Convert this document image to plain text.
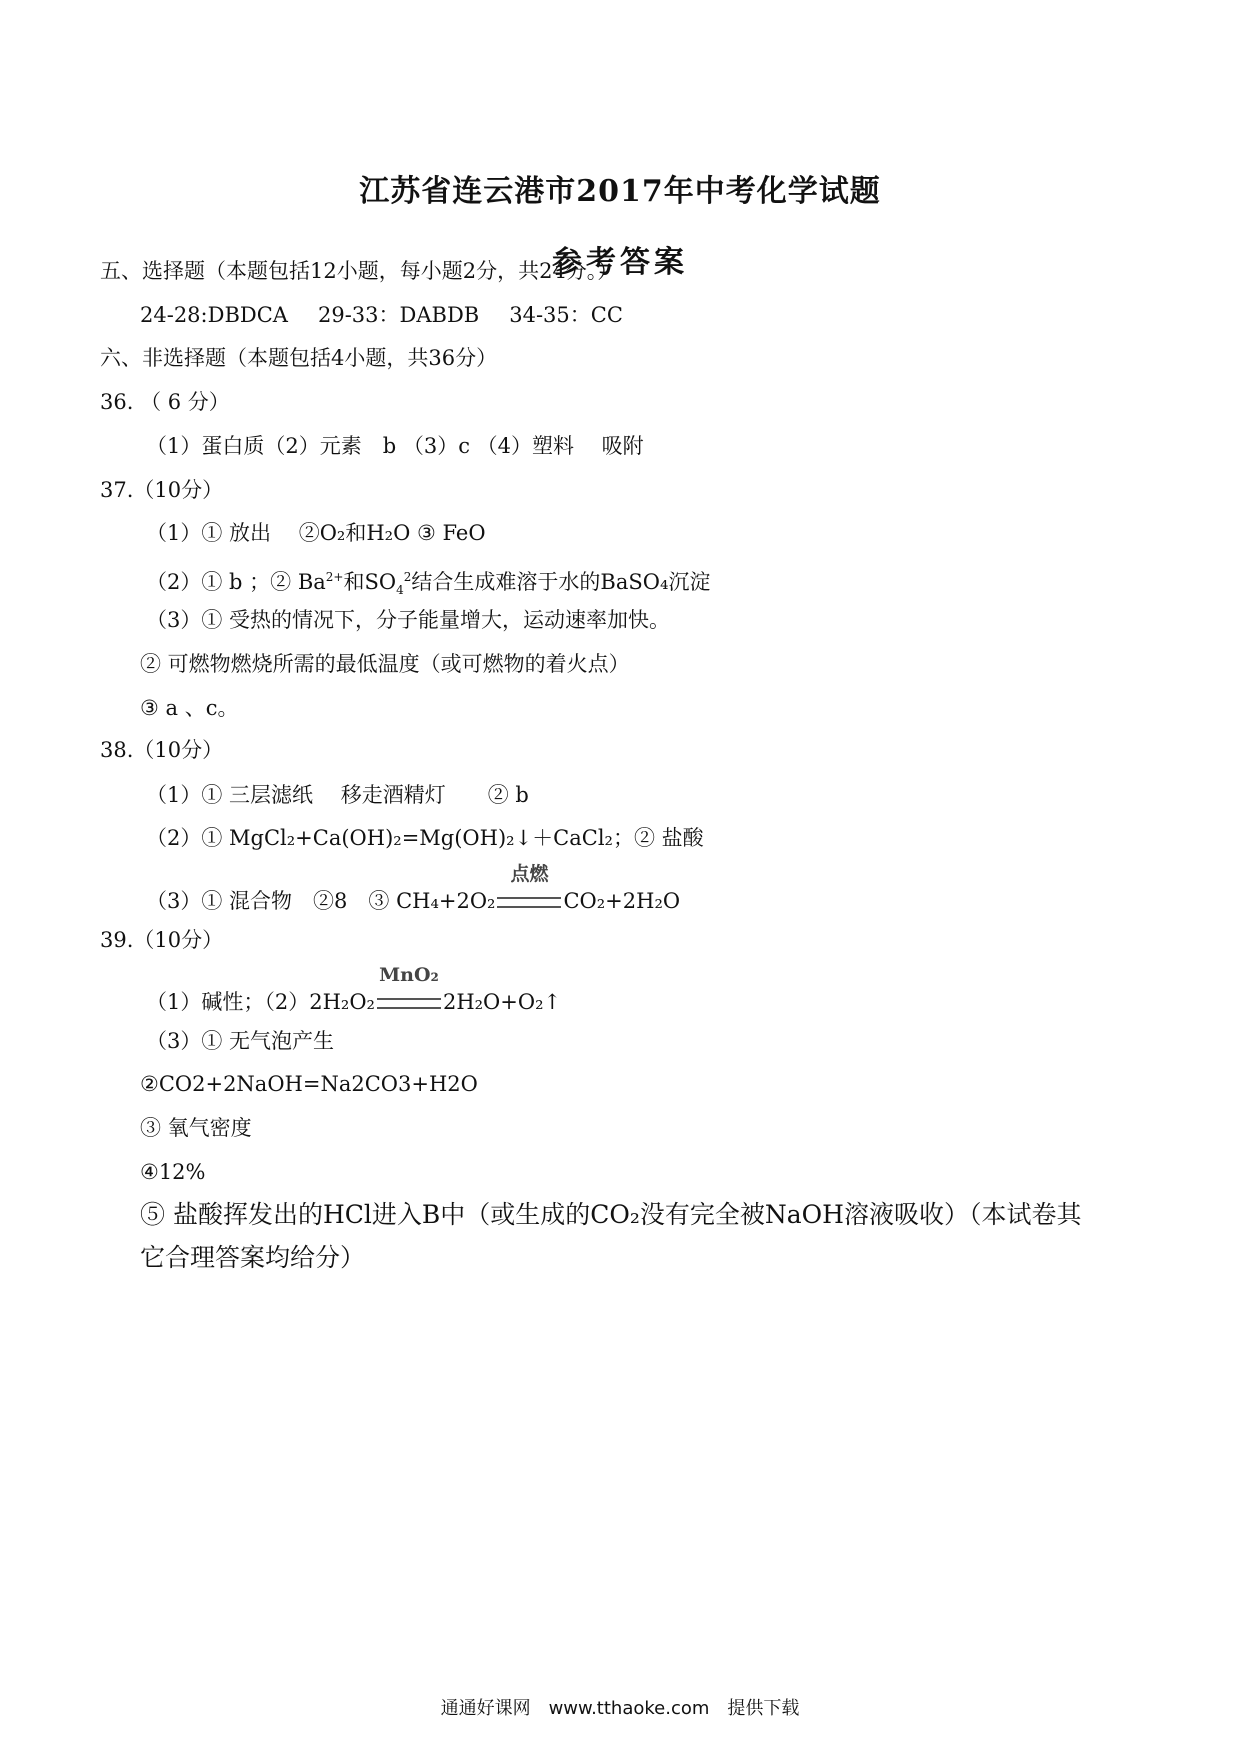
江苏省连云港市2017年中考化学试题
参考答案
五、选择题（本题包括12小题，每小题2分，共24分。）
24-28:DBDCA 29-33：DABDB 34-35：CC
六、非选择题（本题包括4小题，共36分）
36. （ 6 分）
（1）蛋白质（2）元素　b （3）c （4）塑料　 吸附
37.（10分）
（1）① 放出　 ②O₂和H₂O ③ FeO
（2）① b ；② $Ba^{2+}$和$SO_4^2$结合生成难溶于水的BaSO₄沉淀
（3）① 受热的情况下，分子能量增大，运动速率加快。
② 可燃物燃烧所需的最低温度（或可燃物的着火点）
③ a 、c。
38.（10分）
（1）① 三层滤纸　 移走酒精灯　　② b
（2）① MgCl₂+Ca(OH)₂=Mg(OH)₂↓＋CaCl₂；② 盐酸
（3）① 混合物　②8　③ CH₄+2O₂
点燃
CO₂+2H₂O
39.（10分）
（1）碱性；（2）2H₂O₂
MnO₂
2H₂O+O₂↑
（3）① 无气泡产生
②CO2+2NaOH=Na2CO3+H2O
③ 氧气密度
④12%
⑤ 盐酸挥发出的HCl进入B中（或生成的CO₂没有完全被NaOH溶液吸收）（本试卷其
它合理答案均给分）
通通好课网　www.tthaoke.com　提供下载
